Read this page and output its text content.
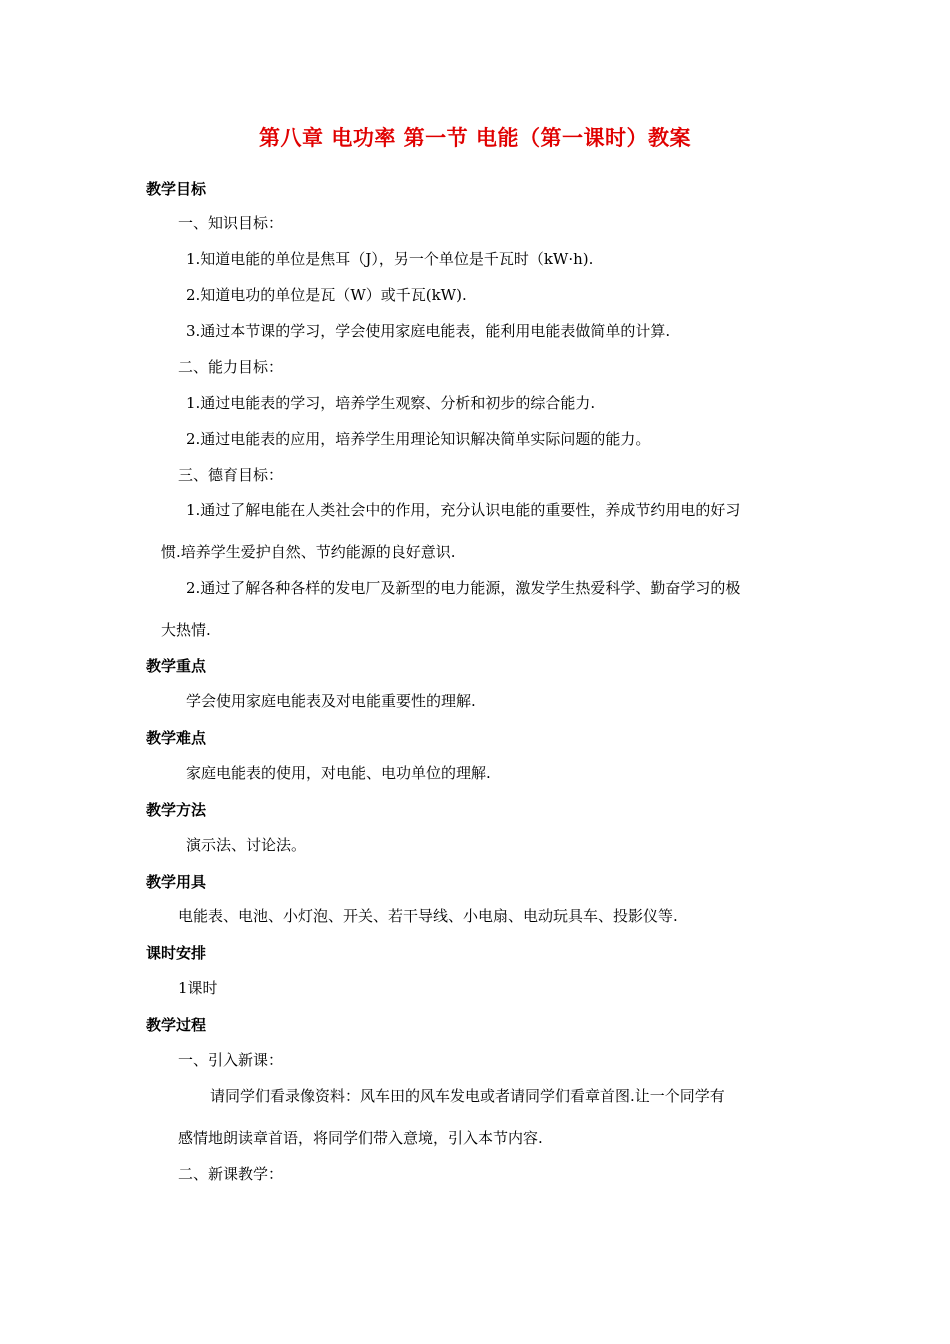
第八章 电功率 第一节 电能（第一课时）教案
教学目标
一、知识目标：
1.知道电能的单位是焦耳（J），另一个单位是千瓦时（kW·h).
2.知道电功的单位是瓦（W）或千瓦(kW).
3.通过本节课的学习，学会使用家庭电能表，能利用电能表做简单的计算.
二、能力目标：
1.通过电能表的学习，培养学生观察、分析和初步的综合能力.
2.通过电能表的应用，培养学生用理论知识解决简单实际问题的能力。
三、德育目标：
1.通过了解电能在人类社会中的作用，充分认识电能的重要性，养成节约用电的好习
惯.培养学生爱护自然、节约能源的良好意识.
2.通过了解各种各样的发电厂及新型的电力能源，激发学生热爱科学、勤奋学习的极
大热情.
教学重点
学会使用家庭电能表及对电能重要性的理解.
教学难点
家庭电能表的使用，对电能、电功单位的理解.
教学方法
演示法、讨论法。
教学用具
电能表、电池、小灯泡、开关、若干导线、小电扇、电动玩具车、投影仪等.
课时安排
1课时
教学过程
一、引入新课：
请同学们看录像资料：风车田的风车发电或者请同学们看章首图.让一个同学有
感情地朗读章首语，将同学们带入意境，引入本节内容.
二、新课教学：
